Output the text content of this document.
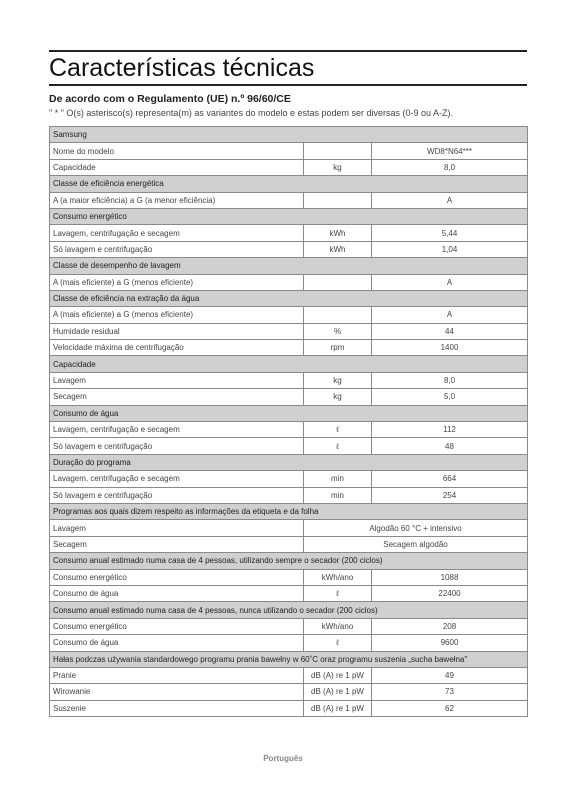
Características técnicas
De acordo com o Regulamento (UE) n.º 96/60/CE
" * " O(s) asterisco(s) representa(m) as variantes do modelo e estas podem ser diversas (0-9 ou A-Z).
Samsung		
Nome do modelo		WD8*N64***
Capacidade	kg	8,0
Classe de eficiência energética		
A (a maior eficiência) a G (a menor eficiência)		A
Consumo energético		
Lavagem, centrifugação e secagem	kWh	5,44
Só lavagem e centrifugação	kWh	1,04
Classe de desempenho de lavagem		
A (mais eficiente) a G (menos eficiente)		A
Classe de eficiência na extração da água		
A (mais eficiente) a G (menos eficiente)		A
Humidade residual	%	44
Velocidade máxima de centrifugação	rpm	1400
Capacidade		
Lavagem	kg	8,0
Secagem	kg	5,0
Consumo de água		
Lavagem, centrifugação e secagem	ℓ	112
Só lavagem e centrifugação	ℓ	48
Duração do programa		
Lavagem, centrifugação e secagem	min	664
Só lavagem e centrifugação	min	254
Programas aos quais dizem respeito as informações da etiqueta e da folha		
Lavagem	Algodão 60 °C + intensivo	
Secagem	Secagem algodão	
Consumo anual estimado numa casa de 4 pessoas, utilizando sempre o secador (200 ciclos)		
Consumo energético	kWh/ano	1088
Consumo de água	ℓ	22400
Consumo anual estimado numa casa de 4 pessoas, nunca utilizando o secador (200 ciclos)		
Consumo energético	kWh/ano	208
Consumo de água	ℓ	9600
Hałas podczas używania standardowego programu prania bawełny w 60˚C oraz programu suszenia „sucha bawełna"		
Pranie	dB (A) re 1 pW	49
Wirowanie	dB (A) re 1 pW	73
Suszenie	dB (A) re 1 pW	62
Português
